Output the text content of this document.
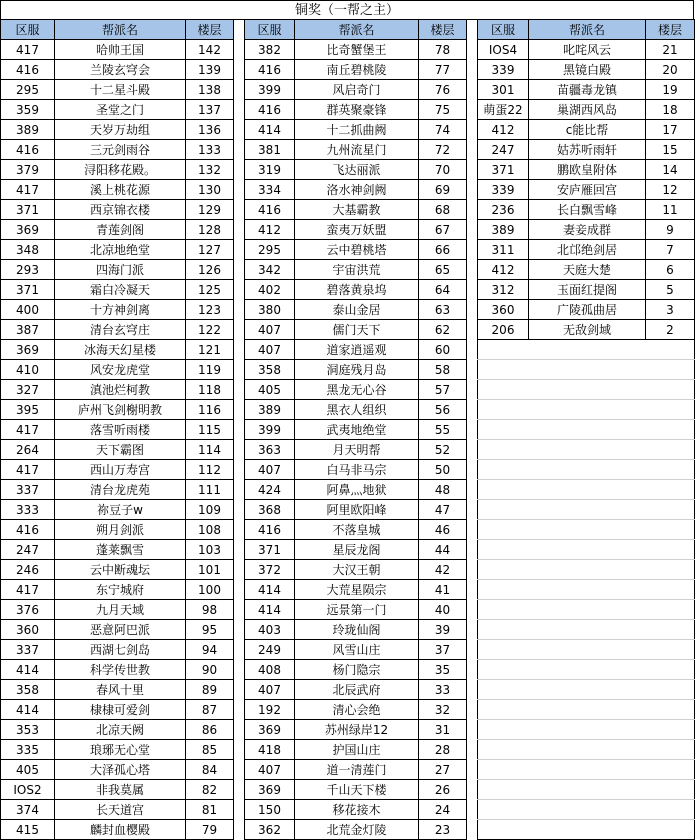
铜奖（一帮之主）
区服	帮派名	楼层
417	哈帅王国	142
416	兰陵玄穹会	139
295	十二星斗殿	138
359	圣堂之门	137
389	天岁万劫组	136
416	三元剑雨谷	133
379	浔阳移花殿。	132
417	溪上桃花源	130
371	西京锦衣楼	129
369	青莲剑阁	128
348	北凉地绝堂	127
293	四海门派	126
371	霜白冷凝天	125
400	十方神剑离	123
387	清台玄穹庄	122
369	冰海天幻星楼	121
410	风安龙虎堂	119
327	滇池烂柯教	118
395	庐州飞剑榭明教	116
417	落雪听雨楼	115
264	天下霸图	114
417	西山万寿宫	112
337	清台龙虎苑	111
333	祢豆子w	109
416	朔月剑派	108
247	蓬莱飘雪	103
246	云中断魂坛	101
417	东宁城府	100
376	九月天域	98
360	恶意阿巴派	95
337	西湖七剑岛	94
414	科学传世教	90
358	春风十里	89
414	棣棣可爱剑	87
353	北凉天阙	86
335	琅琊无心堂	85
405	大泽孤心塔	84
IOS2	非我莫属	82
374	长天道宫	81
415	麟封血樱殿	79
区服	帮派名	楼层
382	比奇蟹堡王	78
416	南丘碧桃陵	77
399	风启奇门	76
416	群英聚豪锋	75
414	十二抓曲阙	74
381	九州流星门	72
319	飞达丽派	70
334	洛水神剑阙	69
416	大基霸教	68
412	蛮夷万妖盟	67
295	云中碧桃塔	66
342	宇宙洪荒	65
402	碧落黄泉坞	64
380	泰山金居	63
407	儒门天下	62
407	道家逍遥观	60
358	洞庭残月岛	58
405	黑龙无心谷	57
389	黑衣人组织	56
399	武夷地绝堂	55
363	月天明帮	52
407	白马非马宗	50
424	阿鼻灬地狱	48
368	阿里欧阳峰	47
416	不落皇城	46
371	星辰龙阁	44
372	大汉王朝	42
414	大荒星陨宗	41
414	远景第一门	40
403	玲珑仙阁	39
249	风雪山庄	37
408	杨门隐宗	35
407	北辰武府	33
192	清心会绝	32
369	苏州绿岸12	31
418	护国山庄	28
407	道一清莲门	27
369	千山天下楼	26
150	移花接木	24
362	北荒金灯陵	23
区服	帮派名	楼层
IOS4	叱咤风云	21
339	黑镜白殿	20
301	苗疆毒龙镇	19
萌蛋22	巢湖西风岛	18
412	c能比帮	17
247	姑苏听雨轩	15
371	鹏欧皇附体	14
339	安庐雁回宫	12
236	长白飘雪峰	11
389	妻妾成群	9
311	北邙绝剑居	7
412	天庭大楚	6
312	玉面红提阁	5
360	广陵孤曲居	3
206	无敌剑域	2
